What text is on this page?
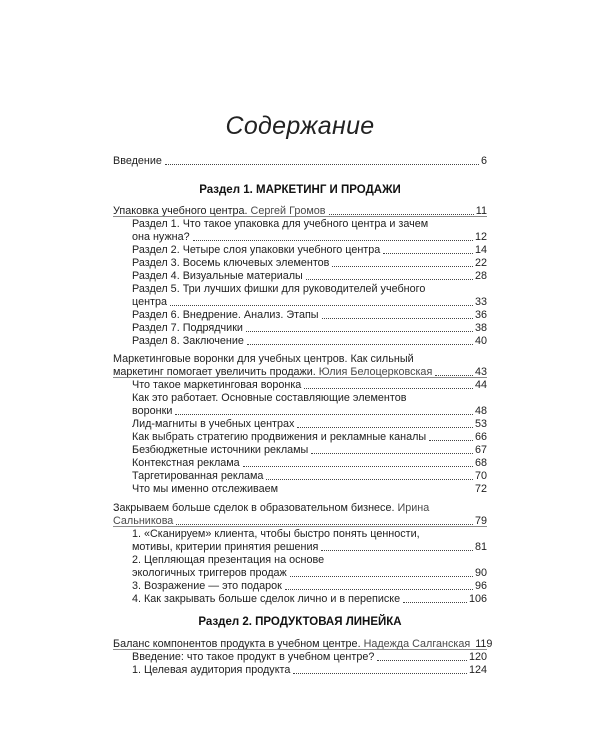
Содержание
Введение	6
Раздел 1. МАРКЕТИНГ И ПРОДАЖИ
Упаковка учебного центра. Сергей Громов	11
Раздел 1. Что такое упаковка для учебного центра и зачем
она нужна?	12
Раздел 2. Четыре слоя упаковки учебного центра	14
Раздел 3. Восемь ключевых элементов	22
Раздел 4. Визуальные материалы	28
Раздел 5. Три лучших фишки для руководителей учебного
центра	33
Раздел 6. Внедрение. Анализ. Этапы	36
Раздел 7. Подрядчики	38
Раздел 8. Заключение	40
Маркетинговые воронки для учебных центров. Как сильный
маркетинг помогает увеличить продажи. Юлия Белоцерковская	43
Что такое маркетинговая воронка	44
Как это работает. Основные составляющие элементов
воронки	48
Лид-магниты в учебных центрах	53
Как выбрать стратегию продвижения и рекламные каналы	66
Безбюджетные источники рекламы	67
Контекстная реклама	68
Таргетированная реклама	70
Что мы именно отслеживаем	72
Закрываем больше сделок в образовательном бизнесе. Ирина
Сальникова	79
1. «Сканируем» клиента, чтобы быстро понять ценности,
мотивы, критерии принятия решения	81
2. Цепляющая презентация на основе
экологичных триггеров продаж	90
3. Возражение — это подарок	96
4. Как закрывать больше сделок лично и в переписке	106
Раздел 2. ПРОДУКТОВАЯ ЛИНЕЙКА
Баланс компонентов продукта в учебном центре. Надежда Салганская 119
Введение: что такое продукт в учебном центре?	120
1. Целевая аудитория продукта	124
